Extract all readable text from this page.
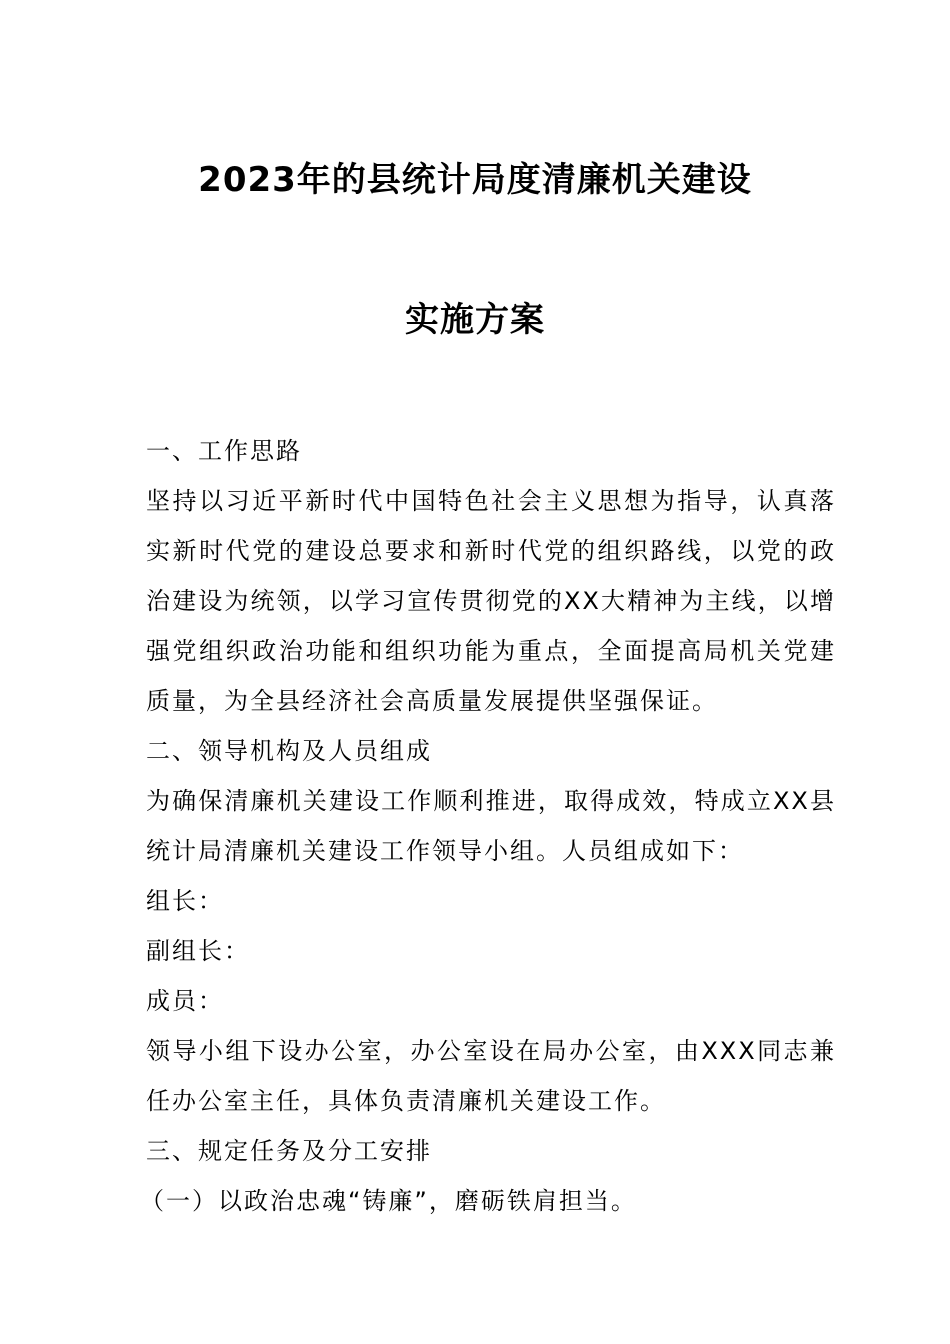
2023年的县统计局度清廉机关建设
实施方案

一、工作思路

坚持以习近平新时代中国特色社会主义思想为指导，认真落实新时代党的建设总要求和新时代党的组织路线，以党的政治建设为统领，以学习宣传贯彻党的XX大精神为主线，以增强党组织政治功能和组织功能为重点，全面提高局机关党建质量，为全县经济社会高质量发展提供坚强保证。

二、领导机构及人员组成

为确保清廉机关建设工作顺利推进，取得成效，特成立XX县统计局清廉机关建设工作领导小组。人员组成如下：

组长：

副组长：

成员：

领导小组下设办公室，办公室设在局办公室，由XXX同志兼任办公室主任，具体负责清廉机关建设工作。

三、规定任务及分工安排

（一）以政治忠魂“铸廉”，磨砺铁肩担当。
